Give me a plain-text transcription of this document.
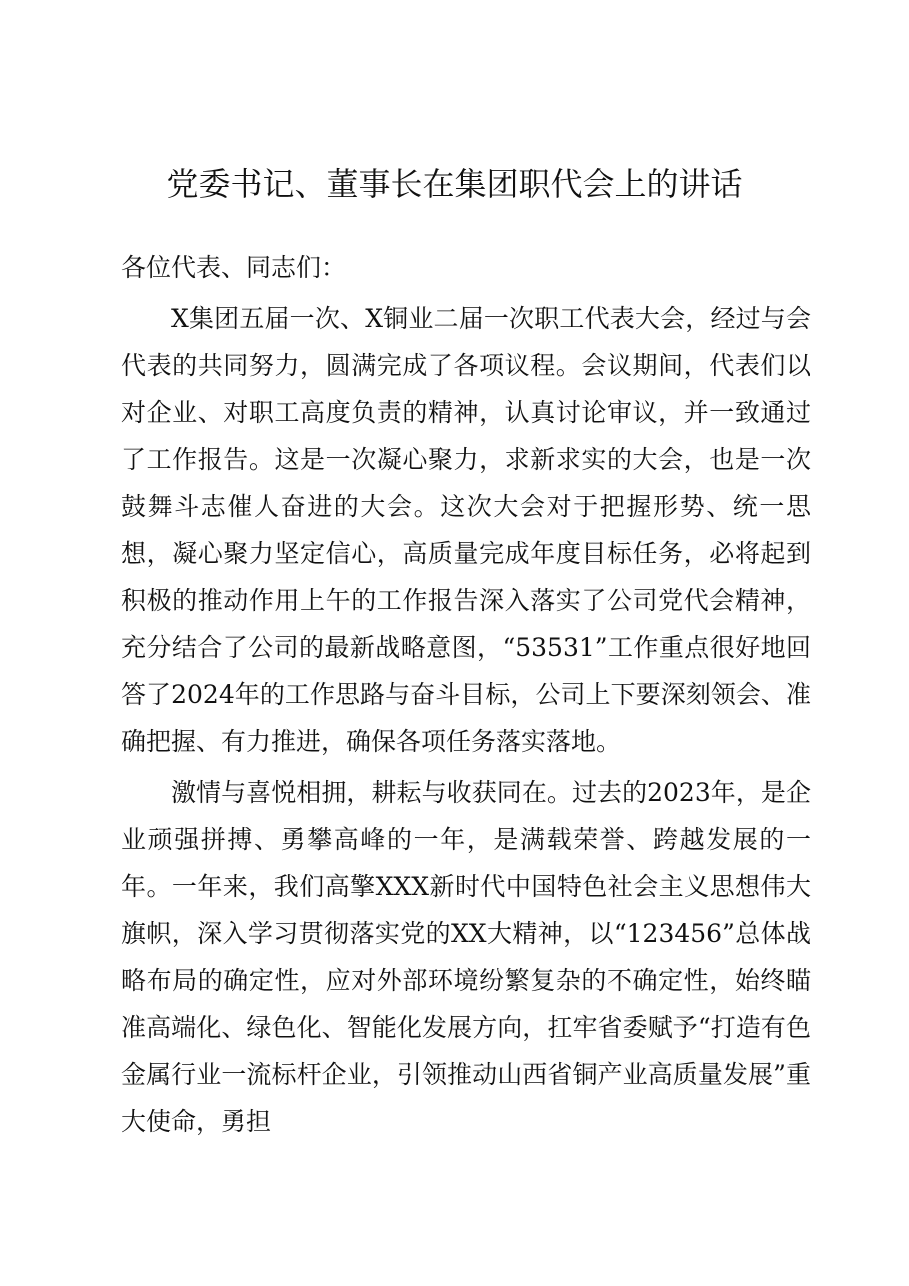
党委书记、董事长在集团职代会上的讲话

各位代表、同志们：

X集团五届一次、X铜业二届一次职工代表大会，经过与会代表的共同努力，圆满完成了各项议程。会议期间，代表们以对企业、对职工高度负责的精神，认真讨论审议，并一致通过了工作报告。这是一次凝心聚力，求新求实的大会，也是一次鼓舞斗志催人奋进的大会。这次大会对于把握形势、统一思想，凝心聚力坚定信心，高质量完成年度目标任务，必将起到积极的推动作用上午的工作报告深入落实了公司党代会精神，充分结合了公司的最新战略意图，“53531”工作重点很好地回答了2024年的工作思路与奋斗目标，公司上下要深刻领会、准确把握、有力推进，确保各项任务落实落地。

激情与喜悦相拥，耕耘与收获同在。过去的2023年，是企业顽强拼搏、勇攀高峰的一年，是满载荣誉、跨越发展的一年。一年来，我们高擎XXX新时代中国特色社会主义思想伟大旗帜，深入学习贯彻落实党的XX大精神，以“123456”总体战略布局的确定性，应对外部环境纷繁复杂的不确定性，始终瞄准高端化、绿色化、智能化发展方向，扛牢省委赋予“打造有色金属行业一流标杆企业，引领推动山西省铜产业高质量发展”重大使命，勇担
